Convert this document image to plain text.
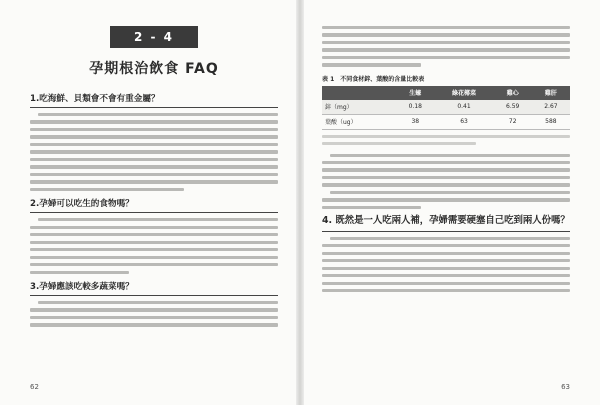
2 - 4
孕期根治飲食 FAQ
1.吃海鮮、貝類會不會有重金屬？
2.孕婦可以吃生的食物嗎？
3.孕婦應該吃較多蔬菜嗎？
62
表 1　不同食材鋅、葉酸的含量比較表
	生蠔	綠花椰菜	雞心	雞肝
鋅（mg）	0.18	0.41	6.59	2.67
葉酸（ug）	38	63	72	588
4. 既然是一人吃兩人補，孕婦需要硬塞自己吃到兩人份嗎？
63
